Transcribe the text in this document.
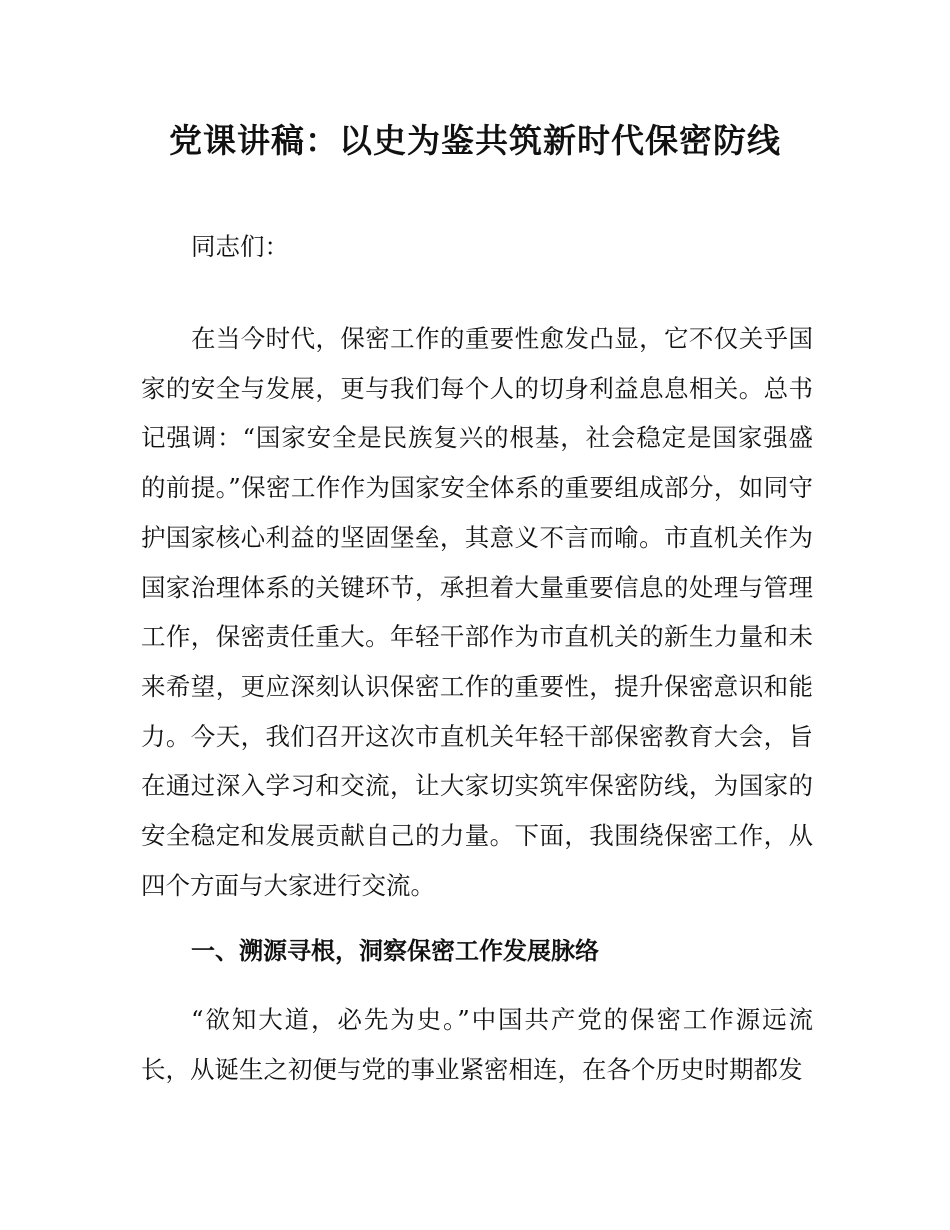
党课讲稿：以史为鉴共筑新时代保密防线

同志们：

在当今时代，保密工作的重要性愈发凸显，它不仅关乎国家的安全与发展，更与我们每个人的切身利益息息相关。总书记强调：“国家安全是民族复兴的根基，社会稳定是国家强盛的前提。”保密工作作为国家安全体系的重要组成部分，如同守护国家核心利益的坚固堡垒，其意义不言而喻。市直机关作为国家治理体系的关键环节，承担着大量重要信息的处理与管理工作，保密责任重大。年轻干部作为市直机关的新生力量和未来希望，更应深刻认识保密工作的重要性，提升保密意识和能力。今天，我们召开这次市直机关年轻干部保密教育大会，旨在通过深入学习和交流，让大家切实筑牢保密防线，为国家的安全稳定和发展贡献自己的力量。下面，我围绕保密工作，从四个方面与大家进行交流。

一、溯源寻根，洞察保密工作发展脉络

“欲知大道，必先为史。”中国共产党的保密工作源远流长，从诞生之初便与党的事业紧密相连，在各个历史时期都发
